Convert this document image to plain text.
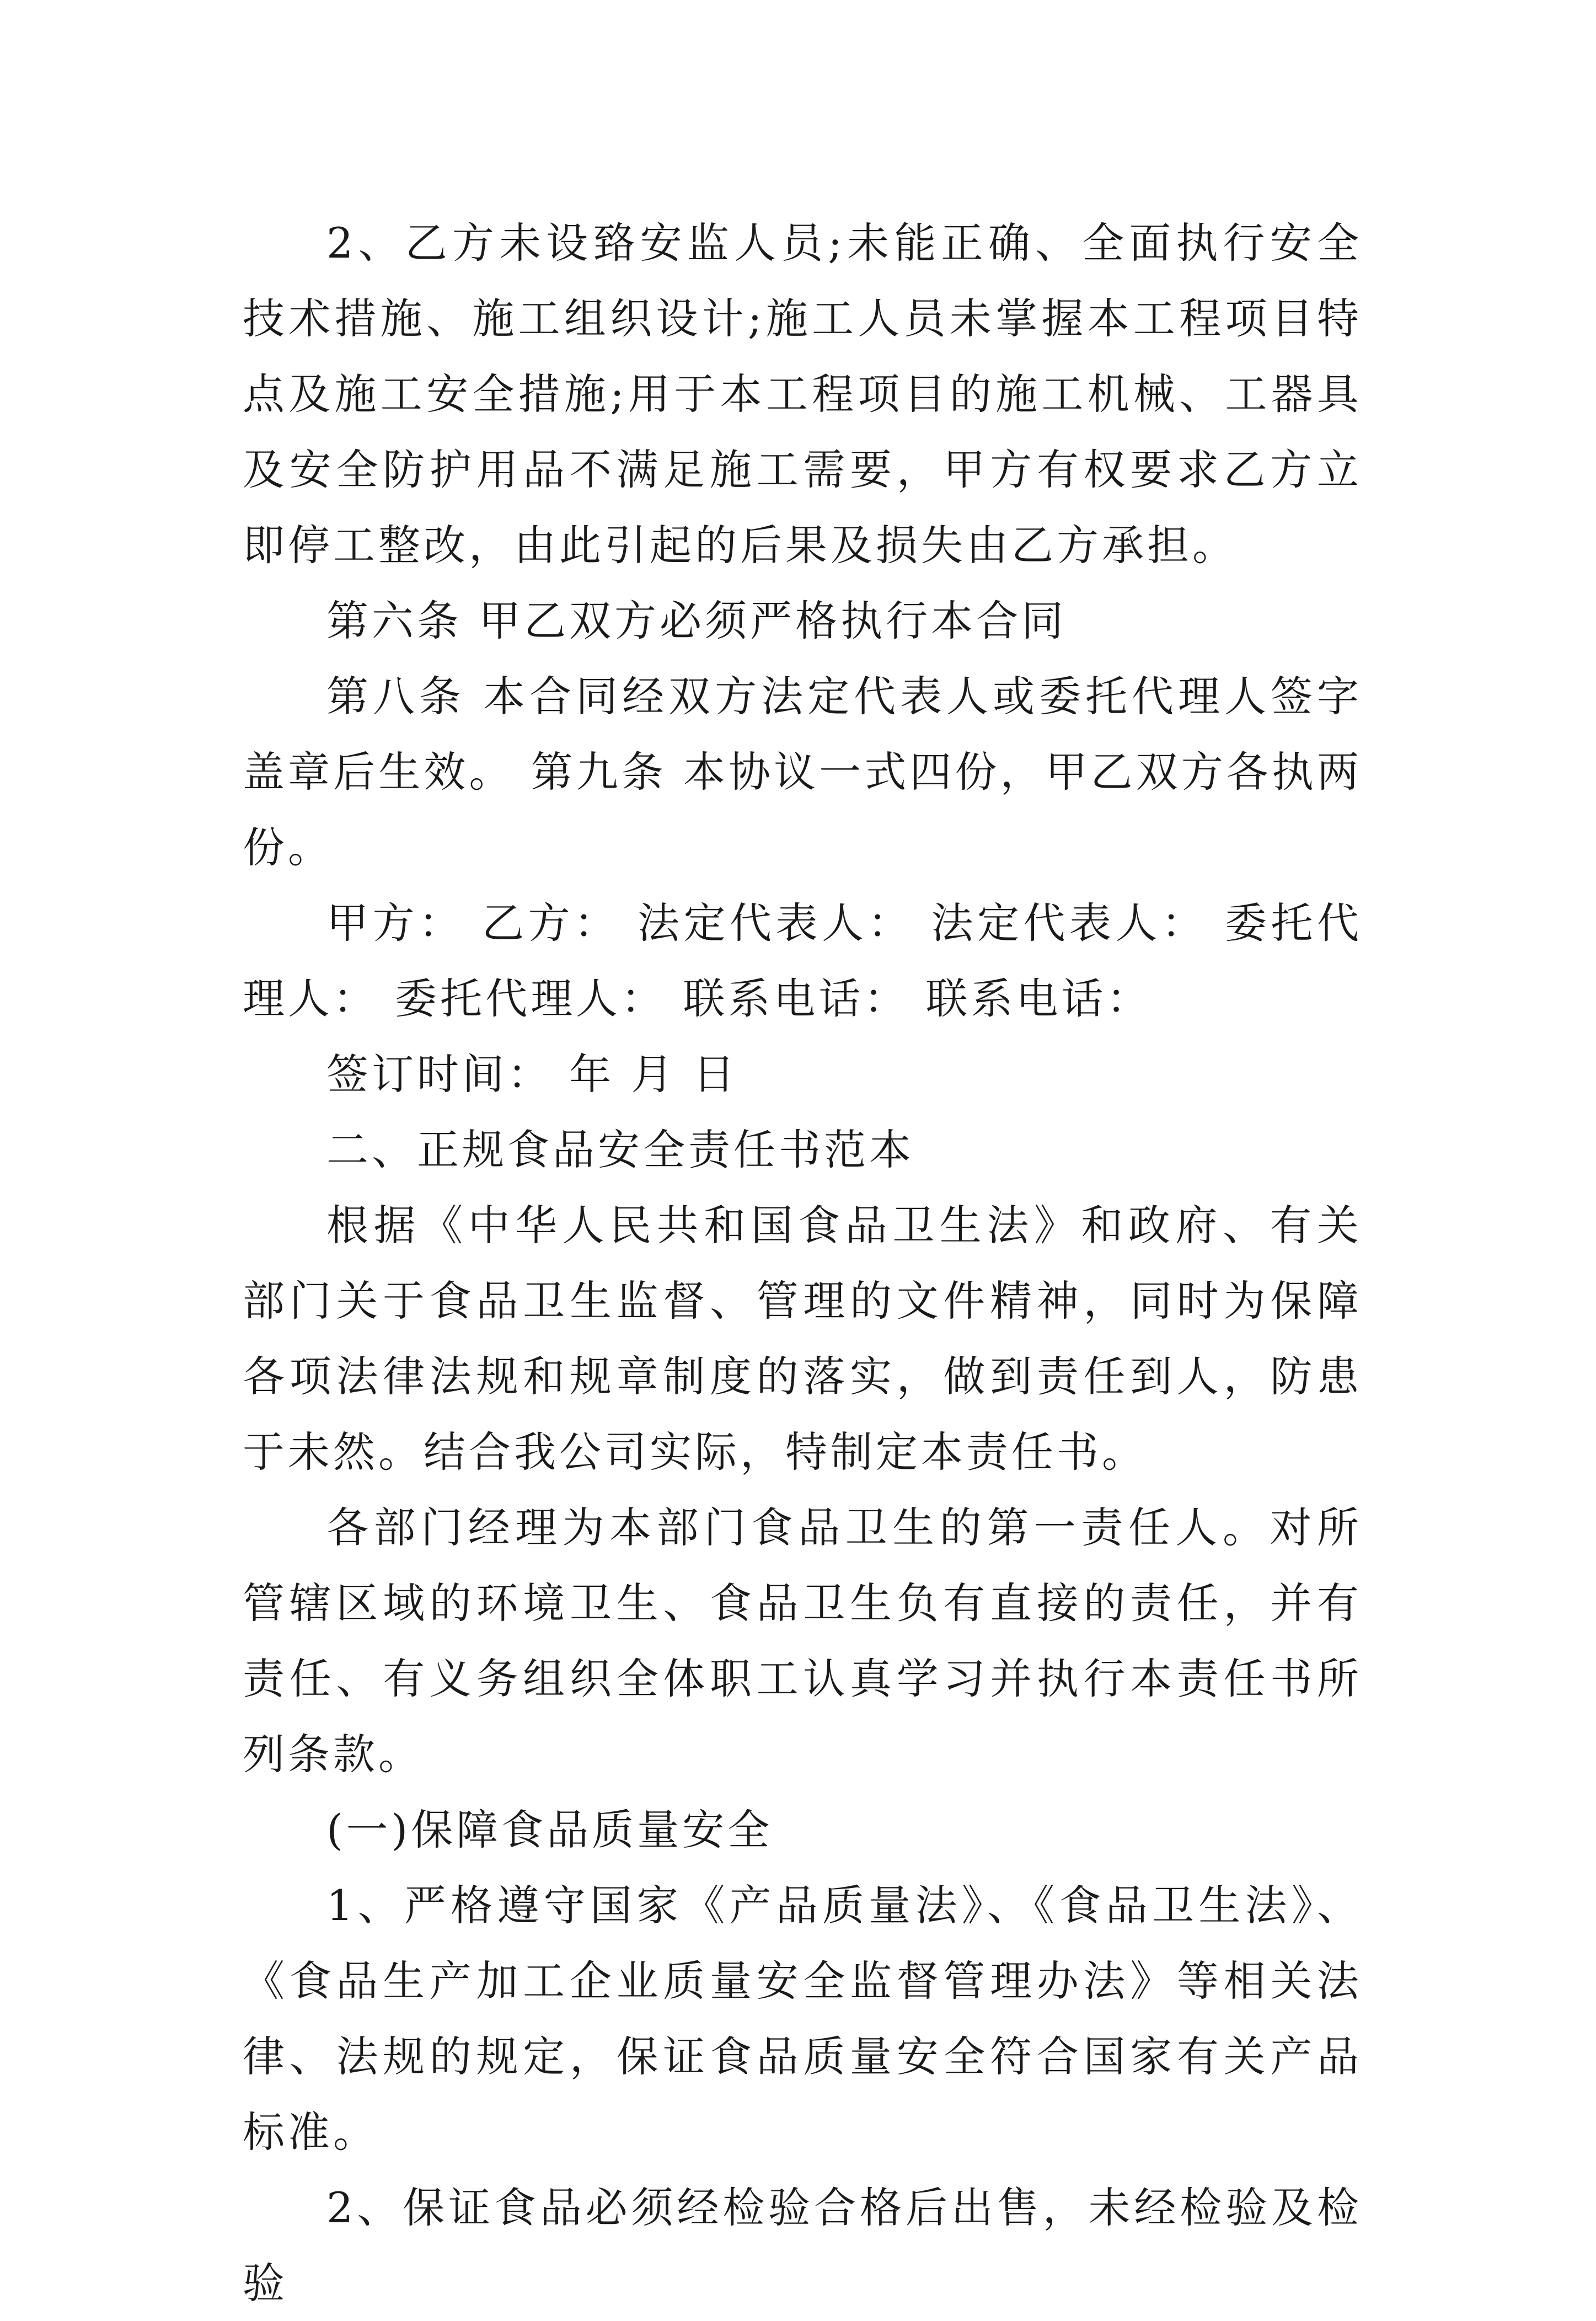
2、乙方未设臵安监人员;未能正确、全面执行安全技术措施、施工组织设计;施工人员未掌握本工程项目特点及施工安全措施;用于本工程项目的施工机械、工器具及安全防护用品不满足施工需要，甲方有权要求乙方立即停工整改，由此引起的后果及损失由乙方承担。

第六条 甲乙双方必须严格执行本合同

第八条 本合同经双方法定代表人或委托代理人签字盖章后生效。 第九条 本协议一式四份，甲乙双方各执两份。

甲方： 乙方： 法定代表人： 法定代表人： 委托代理人： 委托代理人： 联系电话： 联系电话：

签订时间： 年 月 日

二、正规食品安全责任书范本

根据《中华人民共和国食品卫生法》和政府、有关部门关于食品卫生监督、管理的文件精神，同时为保障各项法律法规和规章制度的落实，做到责任到人，防患于未然。结合我公司实际，特制定本责任书。

各部门经理为本部门食品卫生的第一责任人。对所管辖区域的环境卫生、食品卫生负有直接的责任，并有责任、有义务组织全体职工认真学习并执行本责任书所列条款。

(一)保障食品质量安全

1、严格遵守国家《产品质量法》、《食品卫生法》、《食品生产加工企业质量安全监督管理办法》等相关法律、法规的规定，保证食品质量安全符合国家有关产品标准。

2、保证食品必须经检验合格后出售，未经检验及检验
